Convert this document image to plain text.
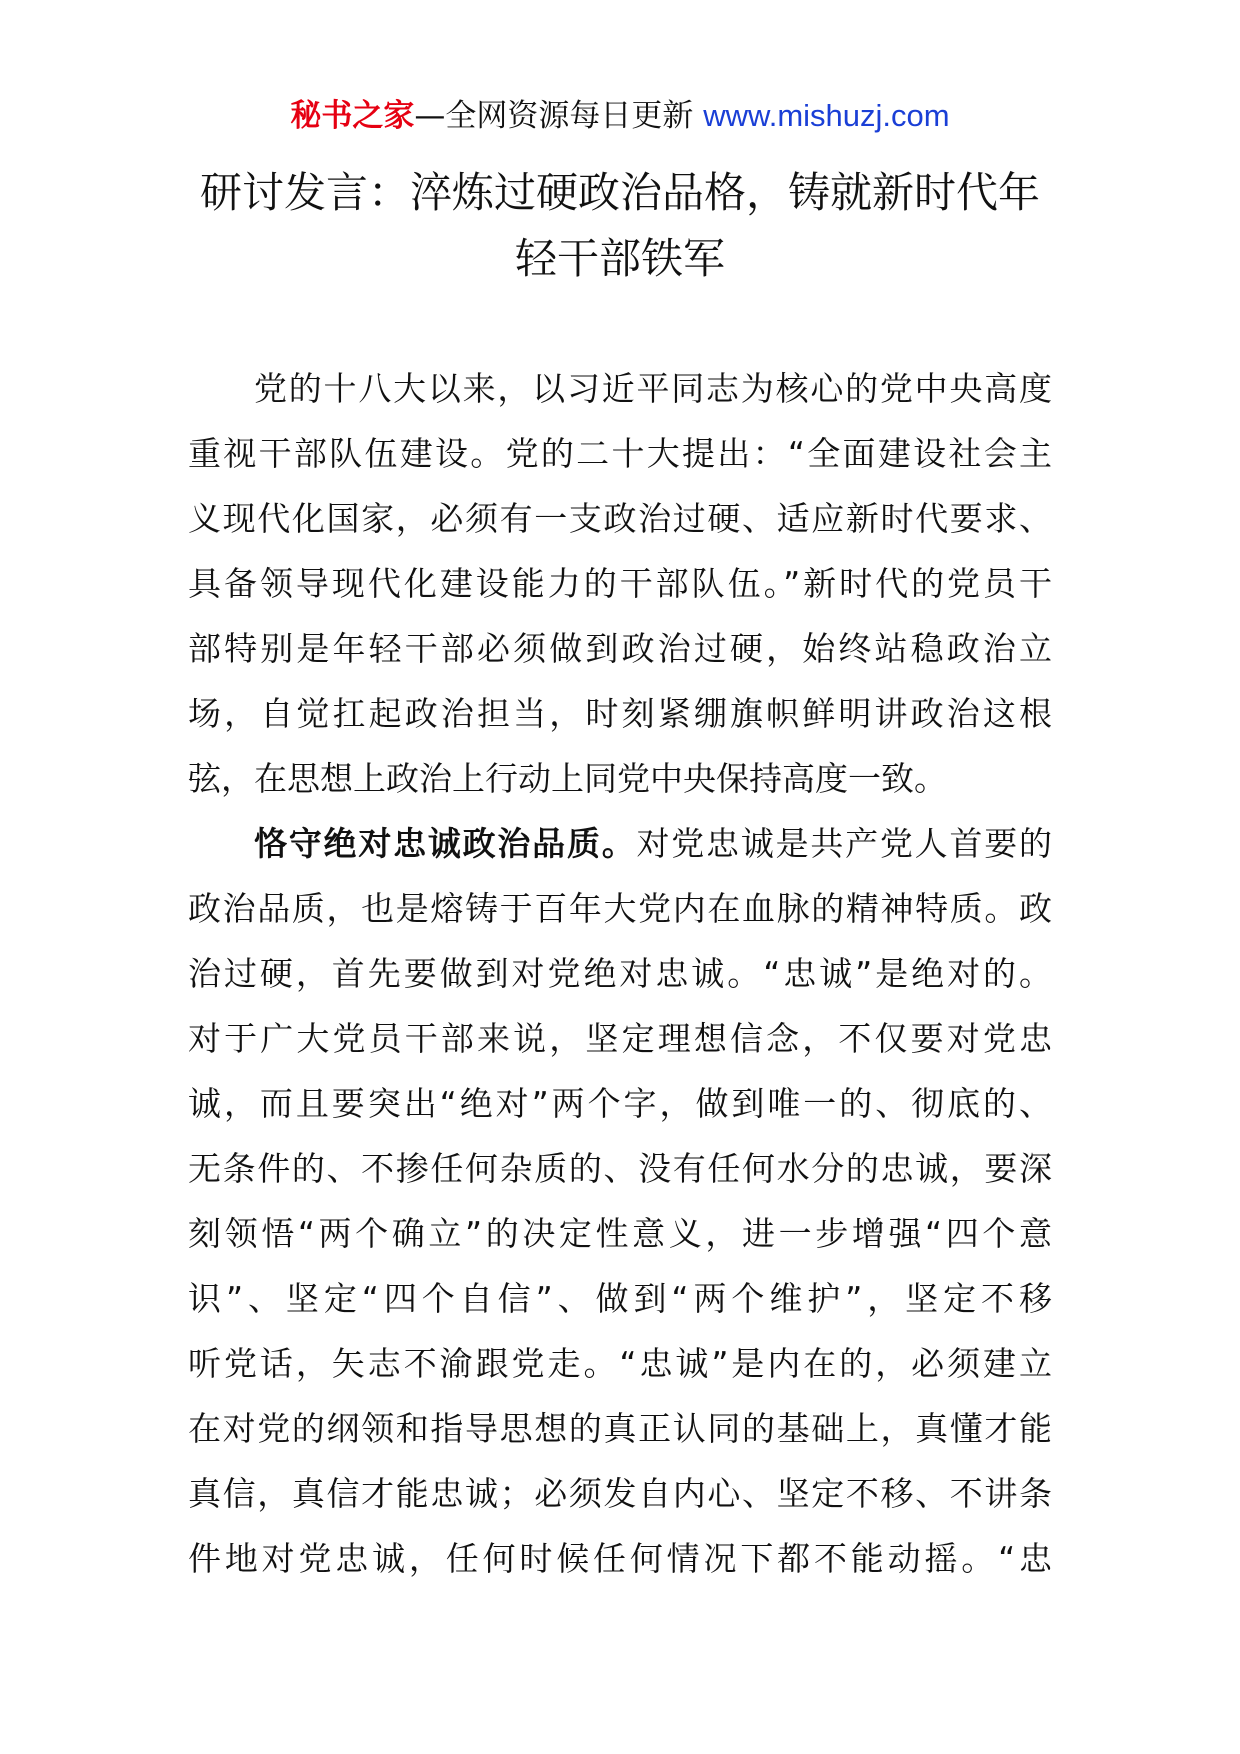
秘书之家—全网资源每日更新 www.mishuzj.com
研讨发言：淬炼过硬政治品格，铸就新时代年
轻干部铁军
党的十八大以来，以习近平同志为核心的党中央高度
重视干部队伍建设。党的二十大提出：“全面建设社会主
义现代化国家，必须有一支政治过硬、适应新时代要求、
具备领导现代化建设能力的干部队伍。”新时代的党员干
部特别是年轻干部必须做到政治过硬，始终站稳政治立
场，自觉扛起政治担当，时刻紧绷旗帜鲜明讲政治这根
弦，在思想上政治上行动上同党中央保持高度一致。
恪守绝对忠诚政治品质。对党忠诚是共产党人首要的
政治品质，也是熔铸于百年大党内在血脉的精神特质。政
治过硬，首先要做到对党绝对忠诚。“忠诚”是绝对的。
对于广大党员干部来说，坚定理想信念，不仅要对党忠
诚，而且要突出“绝对”两个字，做到唯一的、彻底的、
无条件的、不掺任何杂质的、没有任何水分的忠诚，要深
刻领悟“两个确立”的决定性意义，进一步增强“四个意
识”、坚定“四个自信”、做到“两个维护”，坚定不移
听党话，矢志不渝跟党走。“忠诚”是内在的，必须建立
在对党的纲领和指导思想的真正认同的基础上，真懂才能
真信，真信才能忠诚；必须发自内心、坚定不移、不讲条
件地对党忠诚，任何时候任何情况下都不能动摇。“忠
